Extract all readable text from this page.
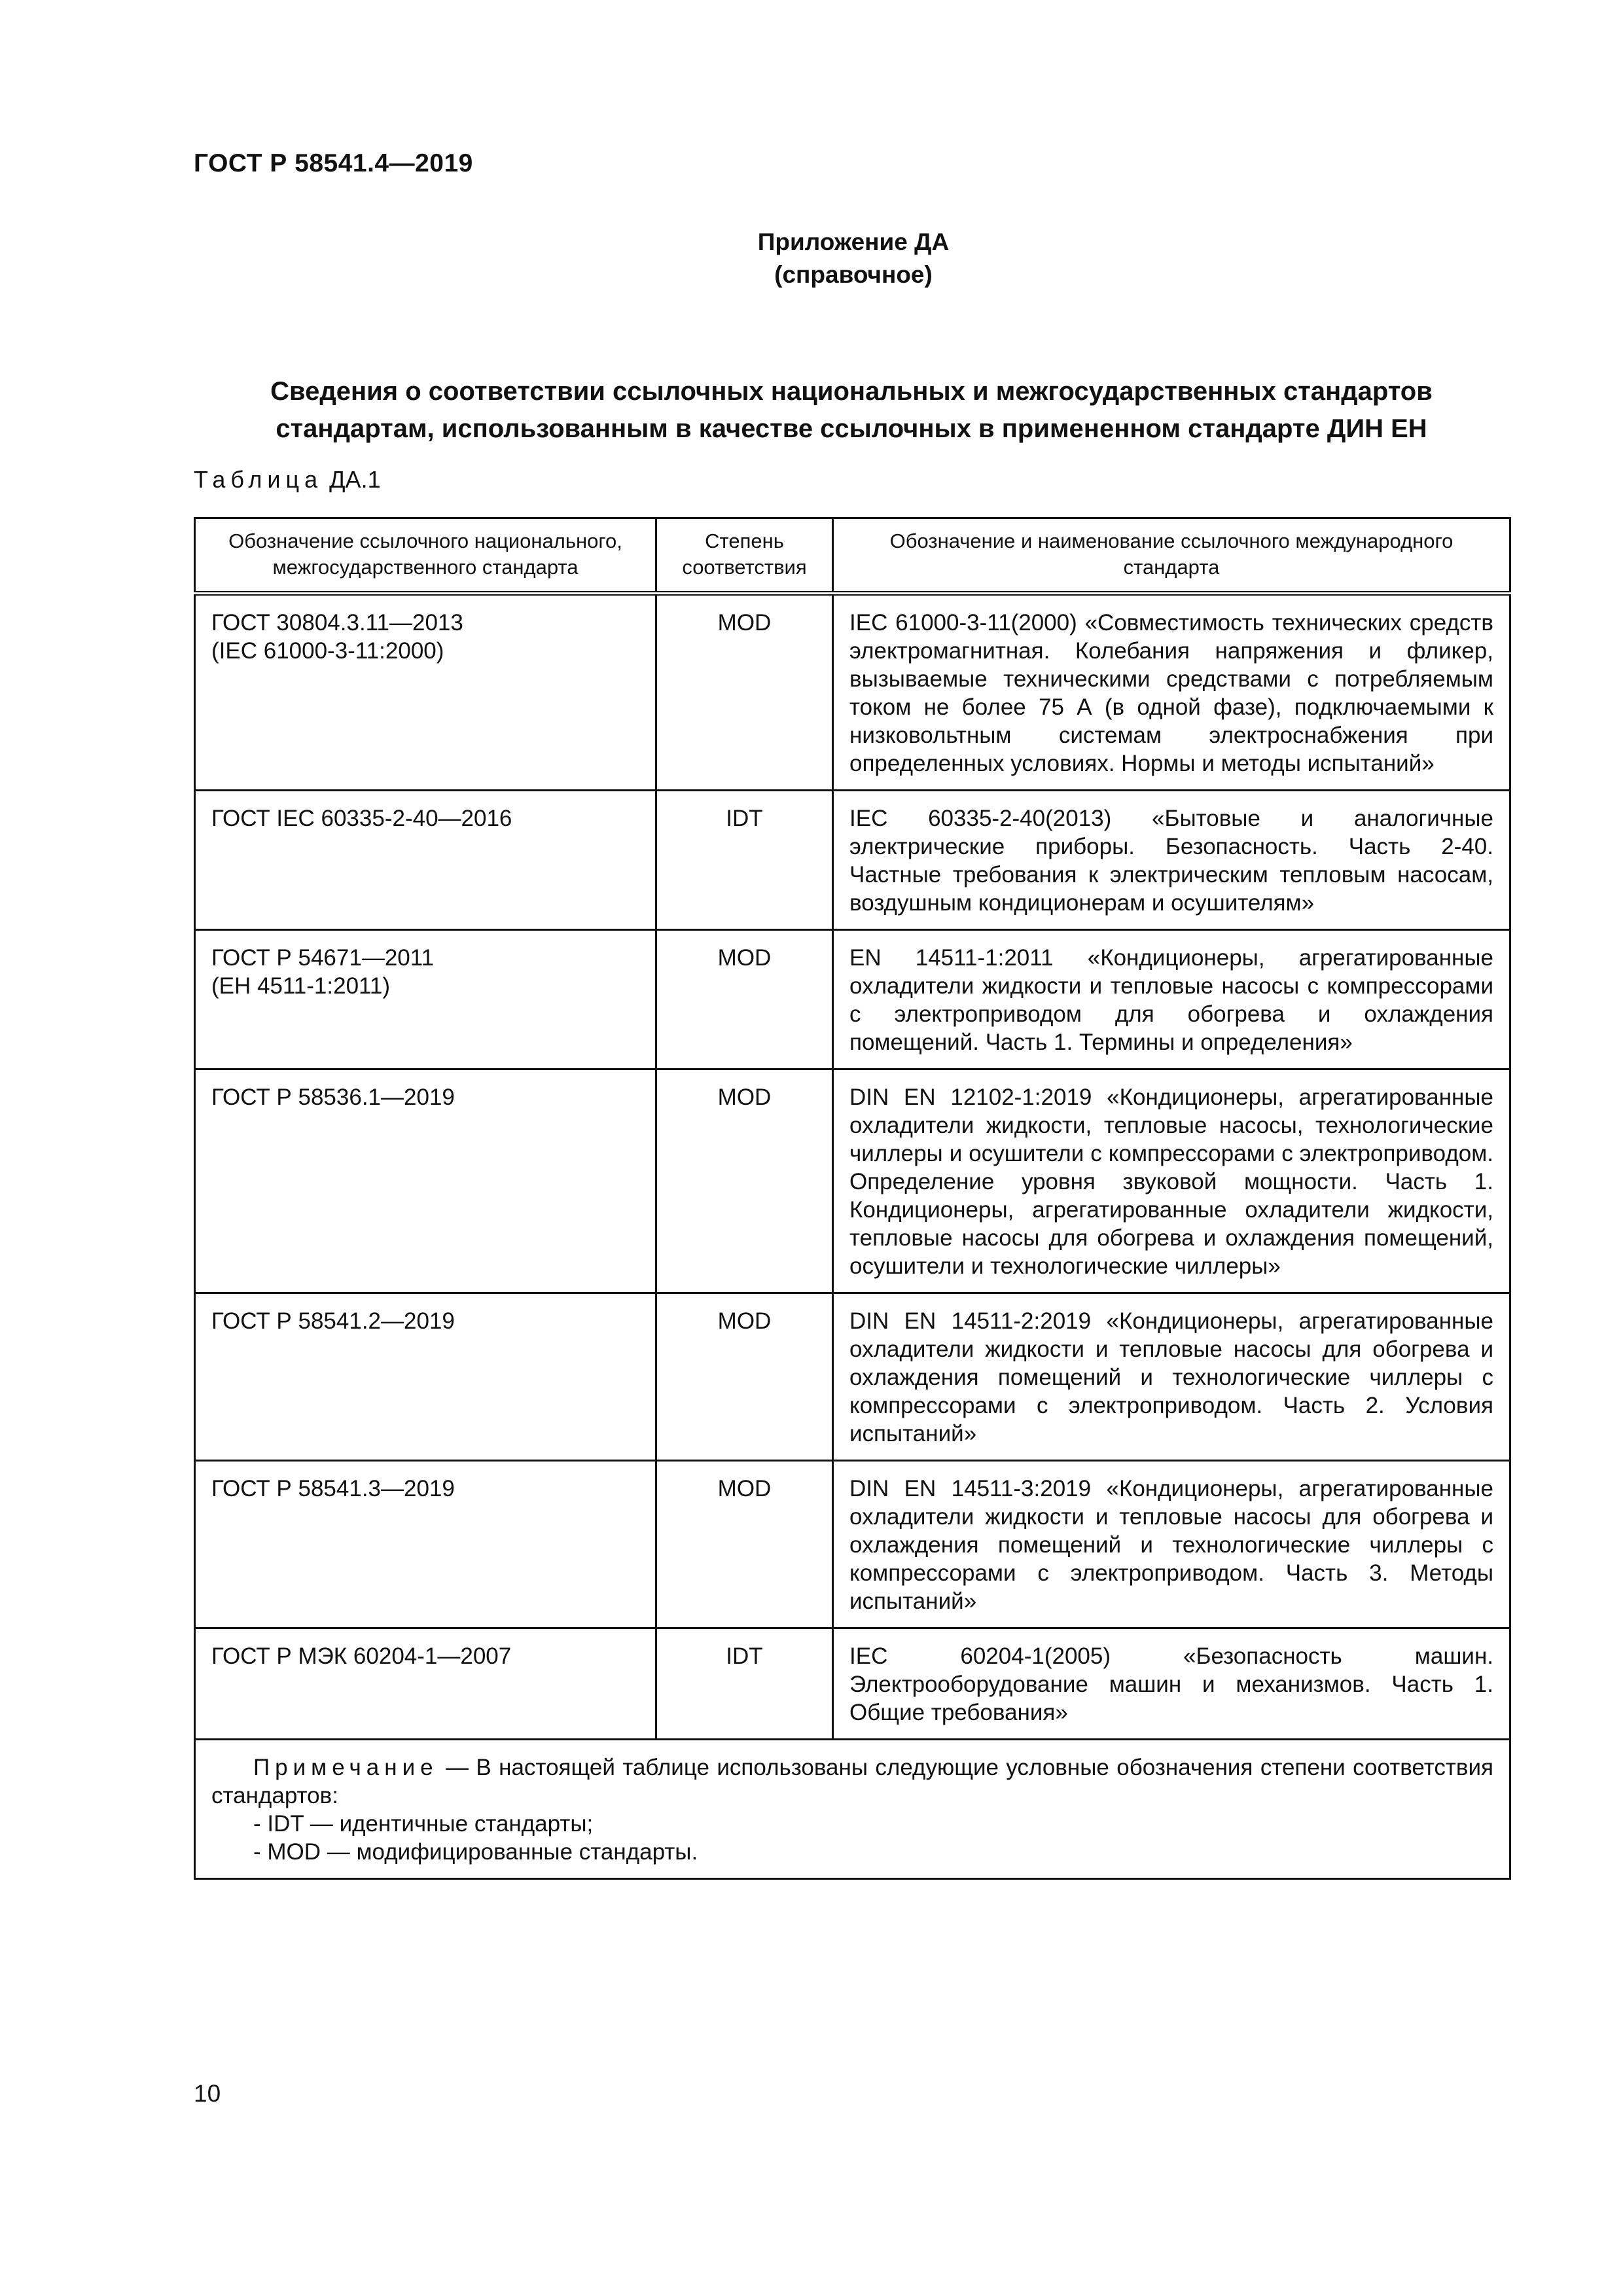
ГОСТ Р 58541.4—2019
Приложение ДА
(справочное)
Сведения о соответствии ссылочных национальных и межгосударственных стандартов
стандартам, использованным в качестве ссылочных в примененном стандарте ДИН ЕН
Таблица ДА.1
Обозначение ссылочного национального, межгосударственного стандарта	Степень соответствия	Обозначение и наименование ссылочного международного стандарта
ГОСТ 30804.3.11—2013
(IEC 61000-3-11:2000)	MOD	IEC 61000-3-11(2000) «Совместимость технических средств электромагнитная. Колебания напряжения и фликер, вызываемые техническими средствами с потребляемым током не более 75 А (в одной фазе), подключаемыми к низковольтным системам электроснабжения при определенных условиях. Нормы и методы испытаний»
ГОСТ IEC 60335-2-40—2016	IDT	IEC 60335-2-40(2013) «Бытовые и аналогичные электрические приборы. Безопасность. Часть 2-40. Частные требования к электрическим тепловым насосам, воздушным кондиционерам и осушителям»
ГОСТ Р 54671—2011
(ЕН 4511-1:2011)	MOD	EN 14511-1:2011 «Кондиционеры, агрегатированные охладители жидкости и тепловые насосы с компрессорами с электроприводом для обогрева и охлаждения помещений. Часть 1. Термины и определения»
ГОСТ Р 58536.1—2019	MOD	DIN EN 12102-1:2019 «Кондиционеры, агрегатированные охладители жидкости, тепловые насосы, технологические чиллеры и осушители с компрессорами с электроприводом. Определение уровня звуковой мощности. Часть 1. Кондиционеры, агрегатированные охладители жидкости, тепловые насосы для обогрева и охлаждения помещений, осушители и технологические чиллеры»
ГОСТ Р 58541.2—2019	MOD	DIN EN 14511-2:2019 «Кондиционеры, агрегатированные охладители жидкости и тепловые насосы для обогрева и охлаждения помещений и технологические чиллеры с компрессорами с электроприводом. Часть 2. Условия испытаний»
ГОСТ Р 58541.3—2019	MOD	DIN EN 14511-3:2019 «Кондиционеры, агрегатированные охладители жидкости и тепловые насосы для обогрева и охлаждения помещений и технологические чиллеры с компрессорами с электроприводом. Часть 3. Методы испытаний»
ГОСТ Р МЭК 60204-1—2007	IDT	IEC 60204-1(2005) «Безопасность машин. Электрооборудование машин и механизмов. Часть 1. Общие требования»

Примечание — В настоящей таблице использованы следующие условные обозначения степени соответствия стандартов:
- IDT — идентичные стандарты;
- MOD — модифицированные стандарты.		
10
